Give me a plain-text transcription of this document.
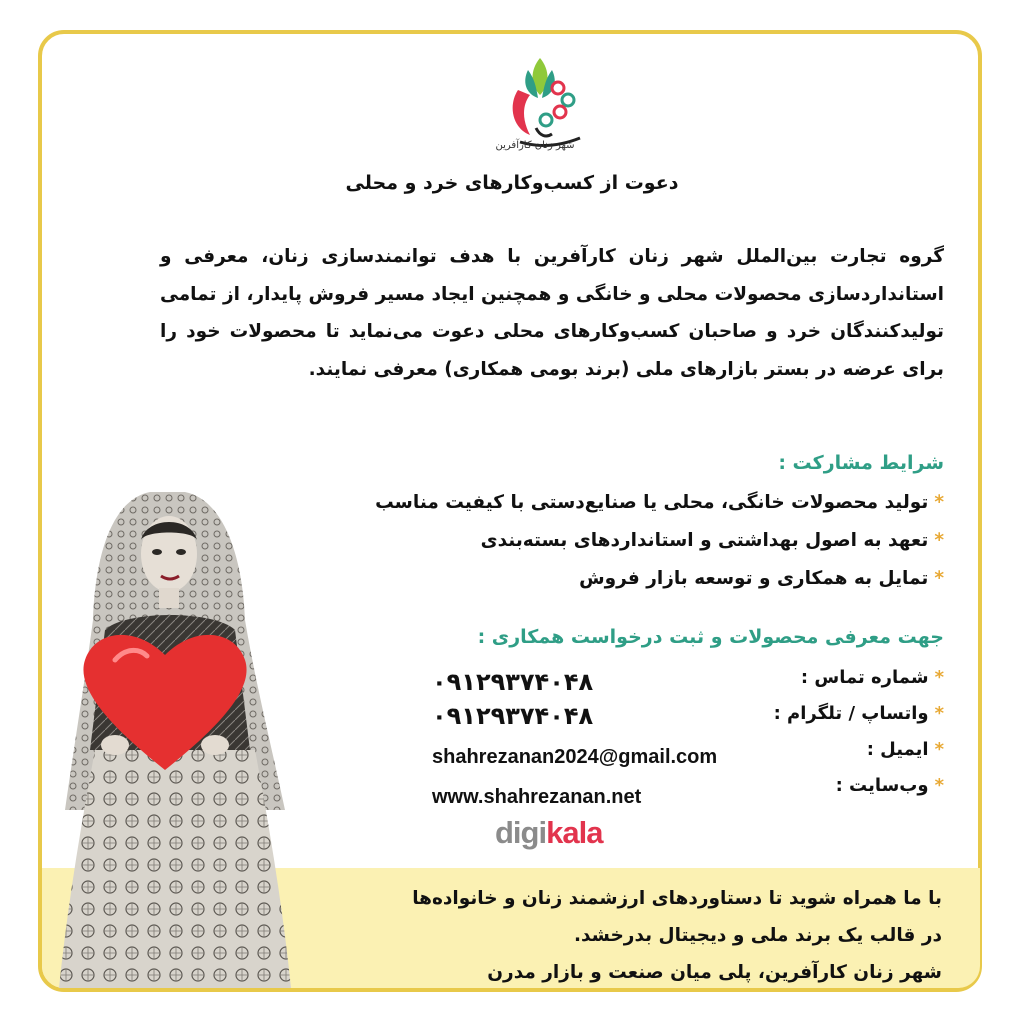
شهر زنان کارآفرین
دعوت از کسب‌وکارهای خرد و محلی
گروه تجارت بین‌الملل شهر زنان کارآفرین با هدف توانمندسازی زنان، معرفی و استانداردسازی محصولات محلی و خانگی و همچنین ایجاد مسیر فروش پایدار، از تمامی تولیدکنندگان خرد و صاحبان کسب‌وکارهای محلی دعوت می‌نماید تا محصولات خود را برای عرضه در بستر بازارهای ملی (برند بومی همکاری) معرفی نمایند.
شرایط مشارکت :
*تولید محصولات خانگی، محلی یا صنایع‌دستی با کیفیت مناسب
*تعهد به اصول بهداشتی و استانداردهای بسته‌بندی
*تمایل به همکاری و توسعه بازار فروش
جهت معرفی محصولات و ثبت درخواست همکاری :
*شماره تماس :
*واتساپ / تلگرام :
*ایمیل :
*وب‌سایت :
۰۹۱۲۹۳۷۴۰۴۸
۰۹۱۲۹۳۷۴۰۴۸
shahrezanan2024@gmail.com
www.shahrezanan.net
digikala
با ما همراه شوید تا دستاوردهای ارزشمند زنان و خانواده‌ها
در قالب یک برند ملی و دیجیتال بدرخشد.
شهر زنان کارآفرین، پلی میان صنعت و بازار مدرن
